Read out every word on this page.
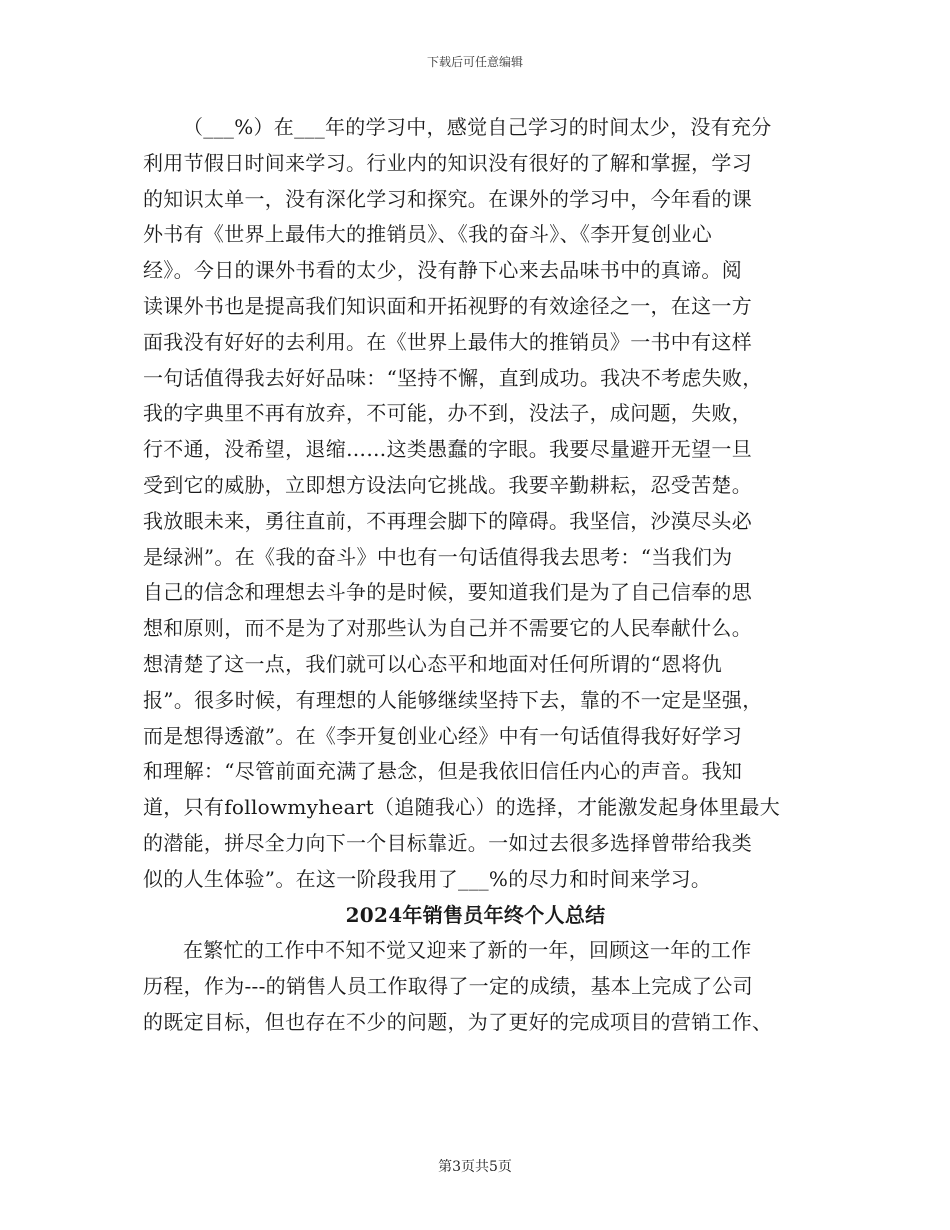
下载后可任意编辑
（___%）在___年的学习中，感觉自己学习的时间太少，没有充分
利用节假日时间来学习。行业内的知识没有很好的了解和掌握，学习
的知识太单一，没有深化学习和探究。在课外的学习中，今年看的课
外书有《世界上最伟大的推销员》、《我的奋斗》、《李开复创业心
经》。今日的课外书看的太少，没有静下心来去品味书中的真谛。阅
读课外书也是提高我们知识面和开拓视野的有效途径之一，在这一方
面我没有好好的去利用。在《世界上最伟大的推销员》一书中有这样
一句话值得我去好好品味：“坚持不懈，直到成功。我决不考虑失败，
我的字典里不再有放弃，不可能，办不到，没法子，成问题，失败，
行不通，没希望，退缩……这类愚蠢的字眼。我要尽量避开无望一旦
受到它的威胁，立即想方设法向它挑战。我要辛勤耕耘，忍受苦楚。
我放眼未来，勇往直前，不再理会脚下的障碍。我坚信，沙漠尽头必
是绿洲”。在《我的奋斗》中也有一句话值得我去思考：“当我们为
自己的信念和理想去斗争的是时候，要知道我们是为了自己信奉的思
想和原则，而不是为了对那些认为自己并不需要它的人民奉献什么。
想清楚了这一点，我们就可以心态平和地面对任何所谓的“恩将仇
报”。很多时候，有理想的人能够继续坚持下去，靠的不一定是坚强，
而是想得透澈”。在《李开复创业心经》中有一句话值得我好好学习
和理解：“尽管前面充满了悬念，但是我依旧信任内心的声音。我知
道，只有followmyheart（追随我心）的选择，才能激发起身体里最大
的潜能，拼尽全力向下一个目标靠近。一如过去很多选择曾带给我类
似的人生体验”。在这一阶段我用了___%的尽力和时间来学习。
2024年销售员年终个人总结
在繁忙的工作中不知不觉又迎来了新的一年，回顾这一年的工作
历程，作为---的销售人员工作取得了一定的成绩，基本上完成了公司
的既定目标，但也存在不少的问题，为了更好的完成项目的营销工作、
第3页共5页
